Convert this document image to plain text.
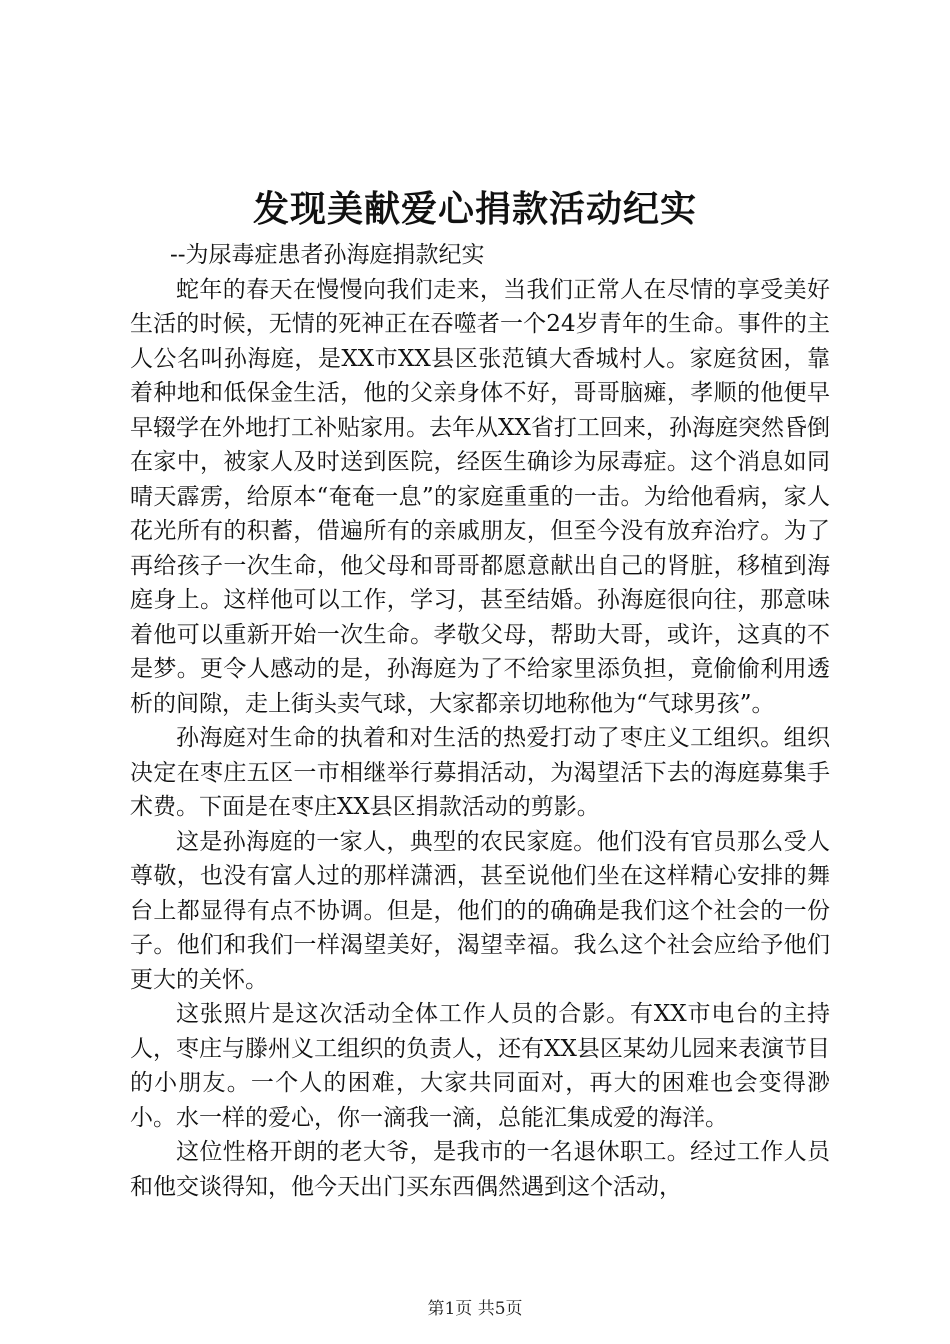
发现美献爱心捐款活动纪实

--为尿毒症患者孙海庭捐款纪实

蛇年的春天在慢慢向我们走来，当我们正常人在尽情的享受美好生活的时候，无情的死神正在吞噬者一个24岁青年的生命。事件的主人公名叫孙海庭，是XX市XX县区张范镇大香城村人。家庭贫困，靠着种地和低保金生活，他的父亲身体不好，哥哥脑瘫，孝顺的他便早早辍学在外地打工补贴家用。去年从XX省打工回来，孙海庭突然昏倒在家中，被家人及时送到医院，经医生确诊为尿毒症。这个消息如同晴天霹雳，给原本“奄奄一息”的家庭重重的一击。为给他看病，家人花光所有的积蓄，借遍所有的亲戚朋友，但至今没有放弃治疗。为了再给孩子一次生命，他父母和哥哥都愿意献出自己的肾脏，移植到海庭身上。这样他可以工作，学习，甚至结婚。孙海庭很向往，那意味着他可以重新开始一次生命。孝敬父母，帮助大哥，或许，这真的不是梦。更令人感动的是，孙海庭为了不给家里添负担，竟偷偷利用透析的间隙，走上街头卖气球，大家都亲切地称他为“气球男孩”。

孙海庭对生命的执着和对生活的热爱打动了枣庄义工组织。组织决定在枣庄五区一市相继举行募捐活动，为渴望活下去的海庭募集手术费。下面是在枣庄XX县区捐款活动的剪影。

这是孙海庭的一家人，典型的农民家庭。他们没有官员那么受人尊敬，也没有富人过的那样潇洒，甚至说他们坐在这样精心安排的舞台上都显得有点不协调。但是，他们的的确确是我们这个社会的一份子。他们和我们一样渴望美好，渴望幸福。我么这个社会应给予他们更大的关怀。

这张照片是这次活动全体工作人员的合影。有XX市电台的主持人，枣庄与滕州义工组织的负责人，还有XX县区某幼儿园来表演节目的小朋友。一个人的困难，大家共同面对，再大的困难也会变得渺小。水一样的爱心，你一滴我一滴，总能汇集成爱的海洋。

这位性格开朗的老大爷，是我市的一名退休职工。经过工作人员和他交谈得知，他今天出门买东西偶然遇到这个活动，

第1页 共5页
